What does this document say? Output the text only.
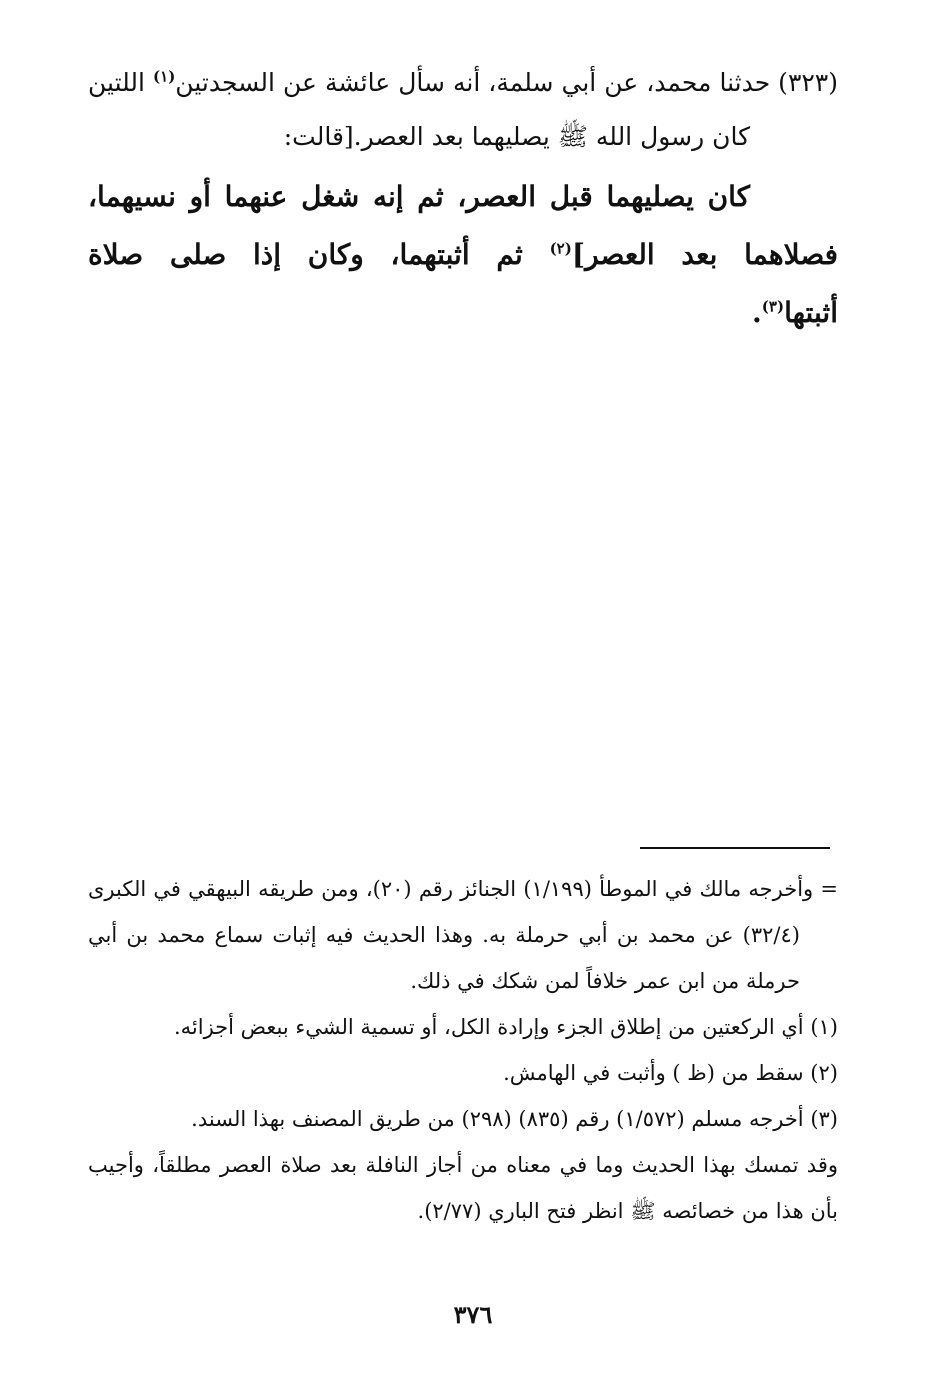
(٣٢٣) حدثنا محمد، عن أبي سلمة، أنه سأل عائشة عن السجدتين$^{(١)}$ اللتين
كان رسول الله ﷺ يصليهما بعد العصر.[قالت:
كان يصليهما قبل العصر، ثم إنه شغل عنهما أو نسيهما،
فصلاهما بعد العصر]$^{(٢)}$ ثم أثبتهما، وكان إذا صلى صلاة
أثبتها$^{(٣)}$.
= وأخرجه مالك في الموطأ (١/١٩٩) الجنائز رقم (٢٠)، ومن طريقه البيهقي في الكبرى
(٣٢/٤) عن محمد بن أبي حرملة به. وهذا الحديث فيه إثبات سماع محمد بن أبي
حرملة من ابن عمر خلافاً لمن شكك في ذلك.
(١) أي الركعتين من إطلاق الجزء وإرادة الكل، أو تسمية الشيء ببعض أجزائه.
(٢) سقط من (ظ ) وأثبت في الهامش.
(٣) أخرجه مسلم (١/٥٧٢) رقم (٨٣٥) (٢٩٨) من طريق المصنف بهذا السند.
وقد تمسك بهذا الحديث وما في معناه من أجاز النافلة بعد صلاة العصر مطلقاً، وأجيب
بأن هذا من خصائصه ﷺ انظر فتح الباري (٢/٧٧).
٣٧٦
